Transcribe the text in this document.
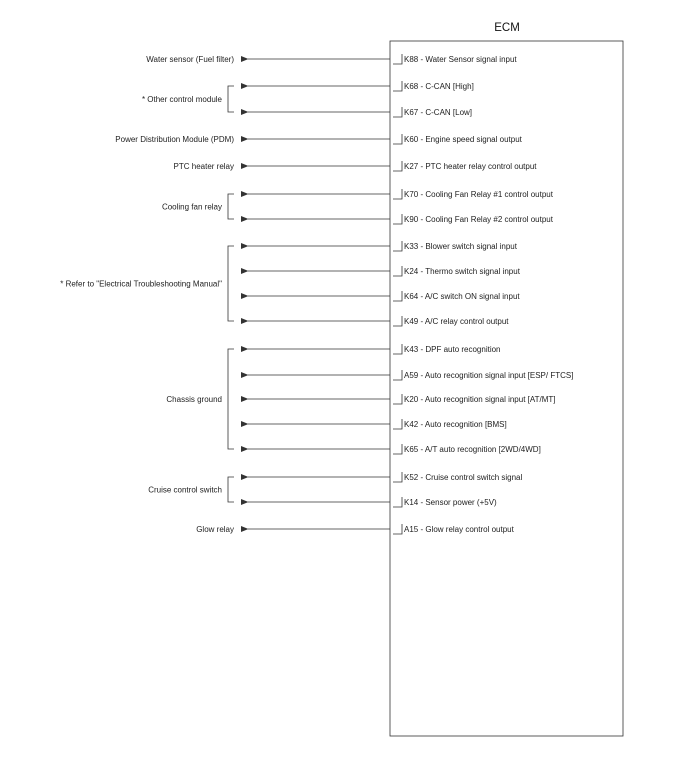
ECM
K88 - Water Sensor signal input
K68 - C-CAN [High]
K67 - C-CAN [Low]
K60 - Engine speed signal output
K27 - PTC heater relay control output
K70 - Cooling Fan Relay #1 control output
K90 - Cooling Fan Relay #2 control output
K33 - Blower switch signal input
K24 - Thermo switch signal input
K64 - A/C switch ON signal input
K49 - A/C relay control output
K43 - DPF auto recognition
A59 - Auto recognition signal input [ESP/ FTCS]
K20 - Auto recognition signal input [AT/MT]
K42 - Auto recognition [BMS]
K65 - A/T auto recognition [2WD/4WD]
K52 - Cruise control switch signal
K14 - Sensor power (+5V)
A15 - Glow relay control output
Water sensor (Fuel filter)
* Other control module
Power Distribution Module (PDM)
PTC heater relay
Cooling fan relay
* Refer to "Electrical Troubleshooting Manual"
Chassis ground
Cruise control switch
Glow relay
